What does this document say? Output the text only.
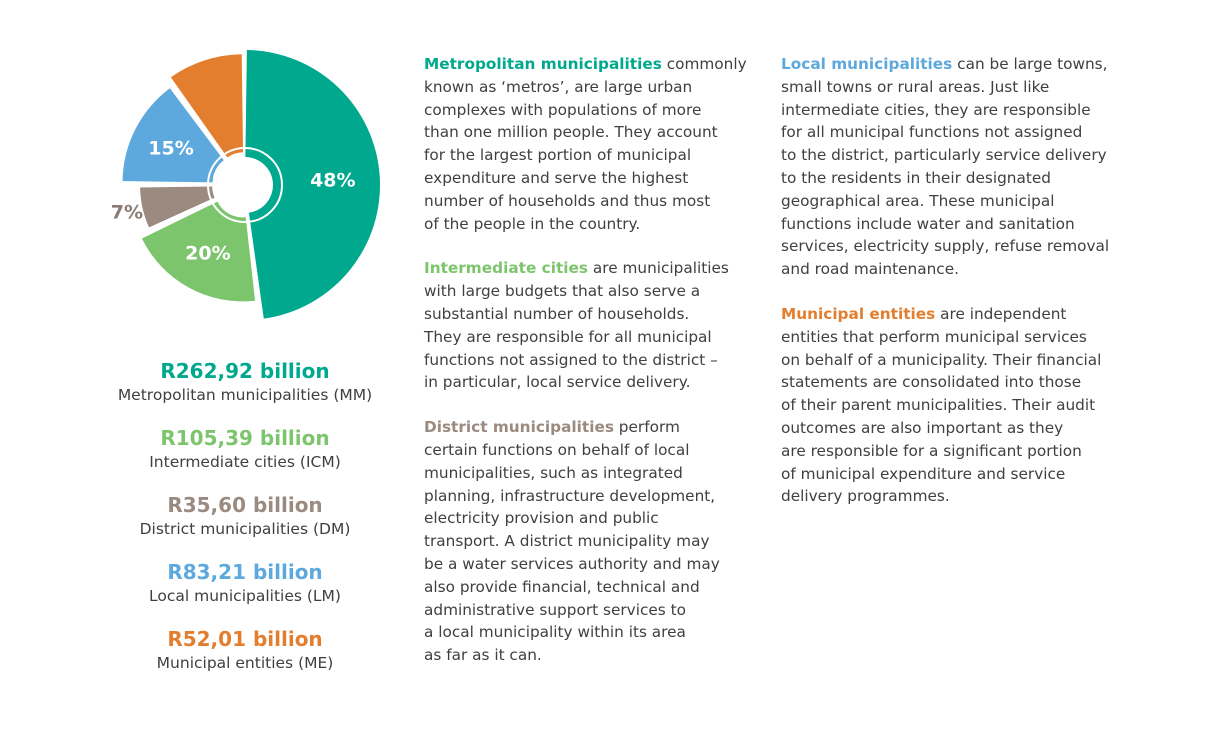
48%
20%
7%
15%
10%
R262,92 billion
Metropolitan municipalities (MM)
R105,39 billion
Intermediate cities (ICM)
R35,60 billion
District municipalities (DM)
R83,21 billion
Local municipalities (LM)
R52,01 billion
Municipal entities (ME)
Metropolitan municipalities commonly
known as ‘metros’, are large urban
complexes with populations of more
than one million people. They account
for the largest portion of municipal
expenditure and serve the highest
number of households and thus most
of the people in the country.
Intermediate cities are municipalities
with large budgets that also serve a
substantial number of households.
They are responsible for all municipal
functions not assigned to the district –
in particular, local service delivery.
District municipalities perform
certain functions on behalf of local
municipalities, such as integrated
planning, infrastructure development,
electricity provision and public
transport. A district municipality may
be a water services authority and may
also provide financial, technical and
administrative support services to
a local municipality within its area
as far as it can.
Local municipalities can be large towns,
small towns or rural areas. Just like
intermediate cities, they are responsible
for all municipal functions not assigned
to the district, particularly service delivery
to the residents in their designated
geographical area. These municipal
functions include water and sanitation
services, electricity supply, refuse removal
and road maintenance.
Municipal entities are independent
entities that perform municipal services
on behalf of a municipality. Their financial
statements are consolidated into those
of their parent municipalities. Their audit
outcomes are also important as they
are responsible for a significant portion
of municipal expenditure and service
delivery programmes.
